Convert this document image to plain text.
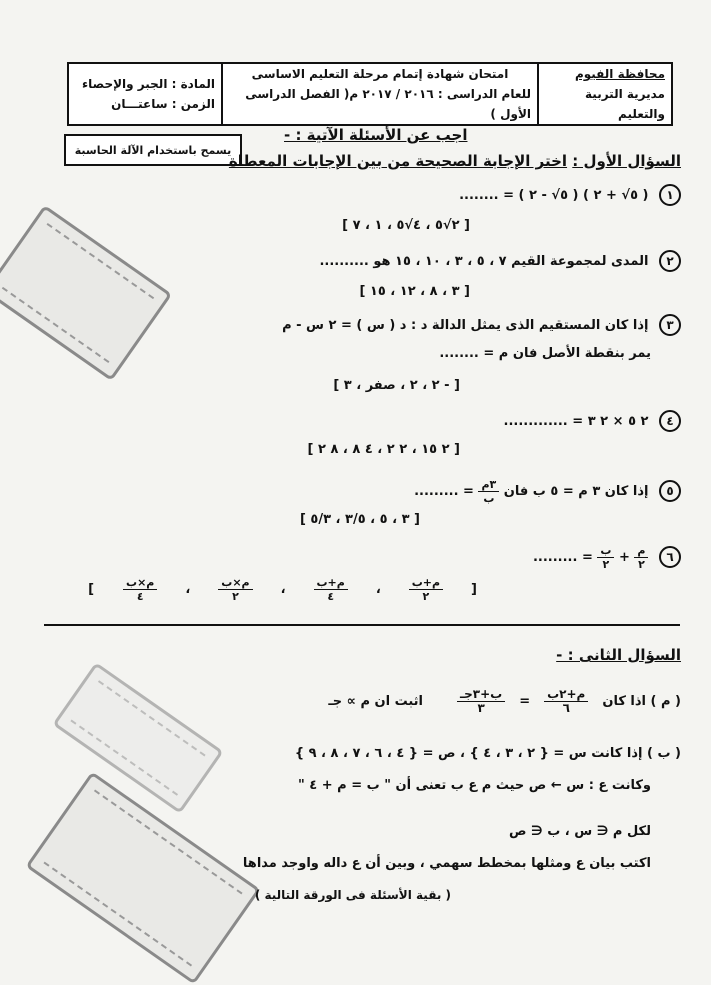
محافظة الفيوم
مديرية التربية والتعليم
امتحان شهادة إتمام مرحلة التعليم الاساسى
للعام الدراسى : ٢٠١٦ / ٢٠١٧ م( الفصل الدراسى الأول )
المادة : الجبر والإحصاء
الزمن : ساعتـــان
يسمح باستخدام الآلة الحاسبة
اجب عن الأسئلة الآتية : -
السؤال الأول : اختر الإجابة الصحيحة من بين الإجابات المعطاة
١ ( ٥√ + ٢ ) ( ٥√ - ٢ ) = ........
[ ٢√٥ ، ٤√٥ ، ١ ، ٧ ]
٢ المدى لمجموعة القيم ٧ ، ٥ ، ٣ ، ١٠ ، ١٥ هو ..........
[ ٣ ، ٨ ، ١٢ ، ١٥ ]
٣ إذا كان المستقيم الذى يمثل الدالة د : د ( س ) = ٢ س - م
يمر بنقطة الأصل فان م = ........
[ - ٢ ، ٢ ، صفر ، ٣ ]
٤ ٢ ٥ × ٢ ٣ = .............
[ ٢ ١٥ ، ٢ ٢ ، ٤ ٨ ، ٨ ٢ ]
٥ إذا كان ٣ م = ٥ ب فان
$\frac{\text{٣م}}{\text{ب}}$
= .........
[ ٣ ، ٥ ، ٣/٥ ، ٥/٣ ]
٦
$\frac{\text{م}}{٢}$
+
$\frac{\text{ب}}{٢}$
= .........
[
$\frac{\text{م+ب}}{٢}$
،
$\frac{\text{م+ب}}{٤}$
،
$\frac{\text{م×ب}}{٢}$
،
$\frac{\text{م×ب}}{٤}$
]
السؤال الثانى : -
( م ) اذا كان
$\frac{\text{م+٢ب}}{٦}$
=
$\frac{\text{ب+٣جـ}}{٣}$
اثبت ان م ∝ جـ
( ب ) إذا كانت س = { ٢ ، ٣ ، ٤ } ، ص = { ٤ ، ٦ ، ٧ ، ٨ ، ٩ }
وكانت ع : س ← ص حيث م ع ب تعنى أن " ب = م + ٤ "
لكل م ∈ س ، ب ∈ ص
اكتب بيان ع ومثلها بمخطط سهمي ، وبين أن ع داله واوجد مداها
( بقية الأسئلة فى الورقة التالية )
